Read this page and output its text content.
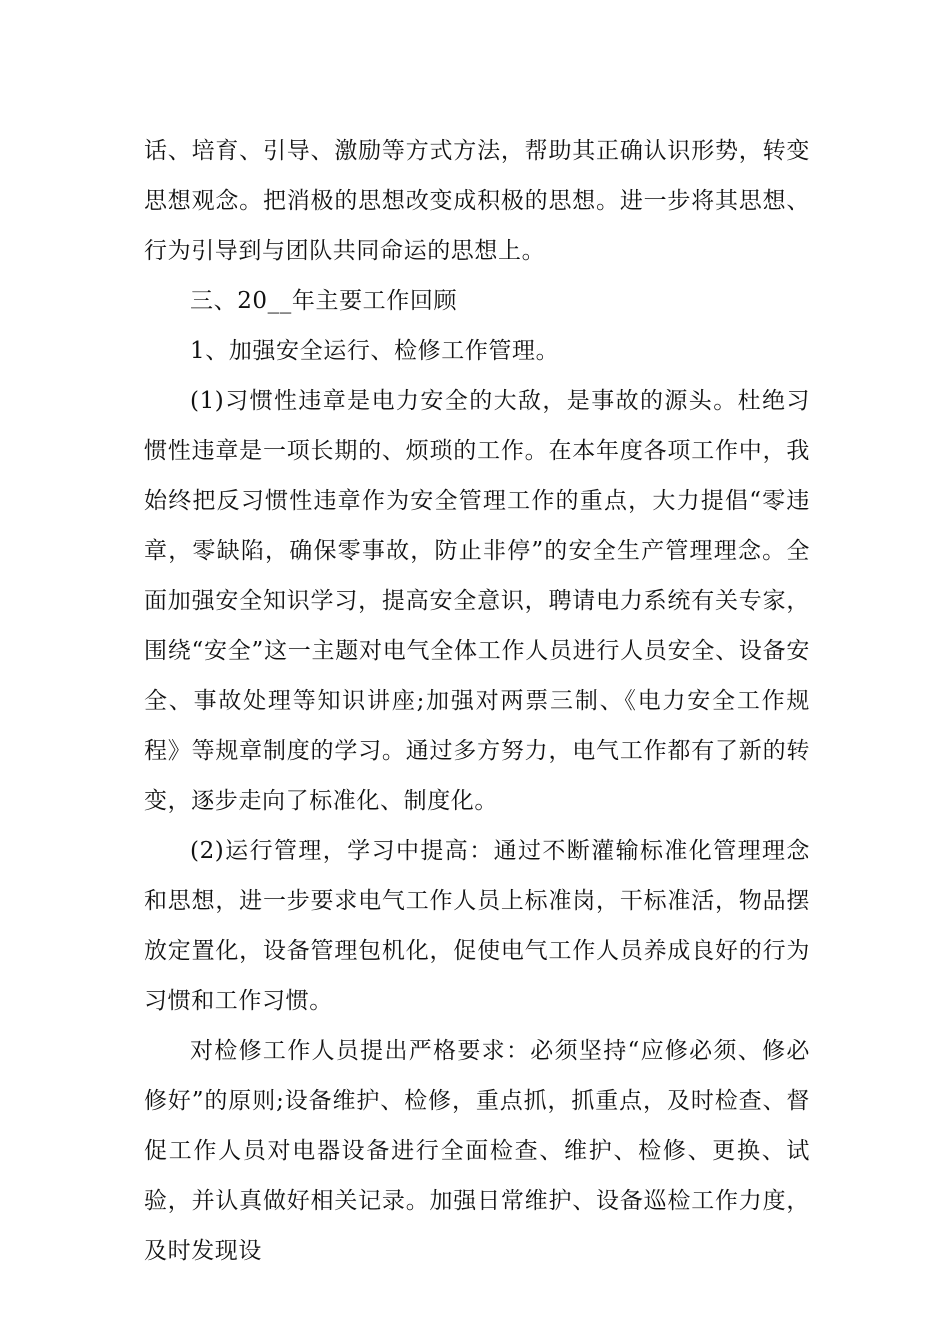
话、培育、引导、激励等方式方法，帮助其正确认识形势，转变思想观念。把消极的思想改变成积极的思想。进一步将其思想、行为引导到与团队共同命运的思想上。

三、20__年主要工作回顾

1、加强安全运行、检修工作管理。

(1)习惯性违章是电力安全的大敌，是事故的源头。杜绝习惯性违章是一项长期的、烦琐的工作。在本年度各项工作中，我始终把反习惯性违章作为安全管理工作的重点，大力提倡“零违章，零缺陷，确保零事故，防止非停”的安全生产管理理念。全面加强安全知识学习，提高安全意识，聘请电力系统有关专家，围绕“安全”这一主题对电气全体工作人员进行人员安全、设备安全、事故处理等知识讲座;加强对两票三制、《电力安全工作规程》等规章制度的学习。通过多方努力，电气工作都有了新的转变，逐步走向了标准化、制度化。

(2)运行管理，学习中提高：通过不断灌输标准化管理理念和思想，进一步要求电气工作人员上标准岗，干标准活，物品摆放定置化，设备管理包机化，促使电气工作人员养成良好的行为习惯和工作习惯。

对检修工作人员提出严格要求：必须坚持“应修必须、修必修好”的原则;设备维护、检修，重点抓，抓重点，及时检查、督促工作人员对电器设备进行全面检查、维护、检修、更换、试验，并认真做好相关记录。加强日常维护、设备巡检工作力度，及时发现设
